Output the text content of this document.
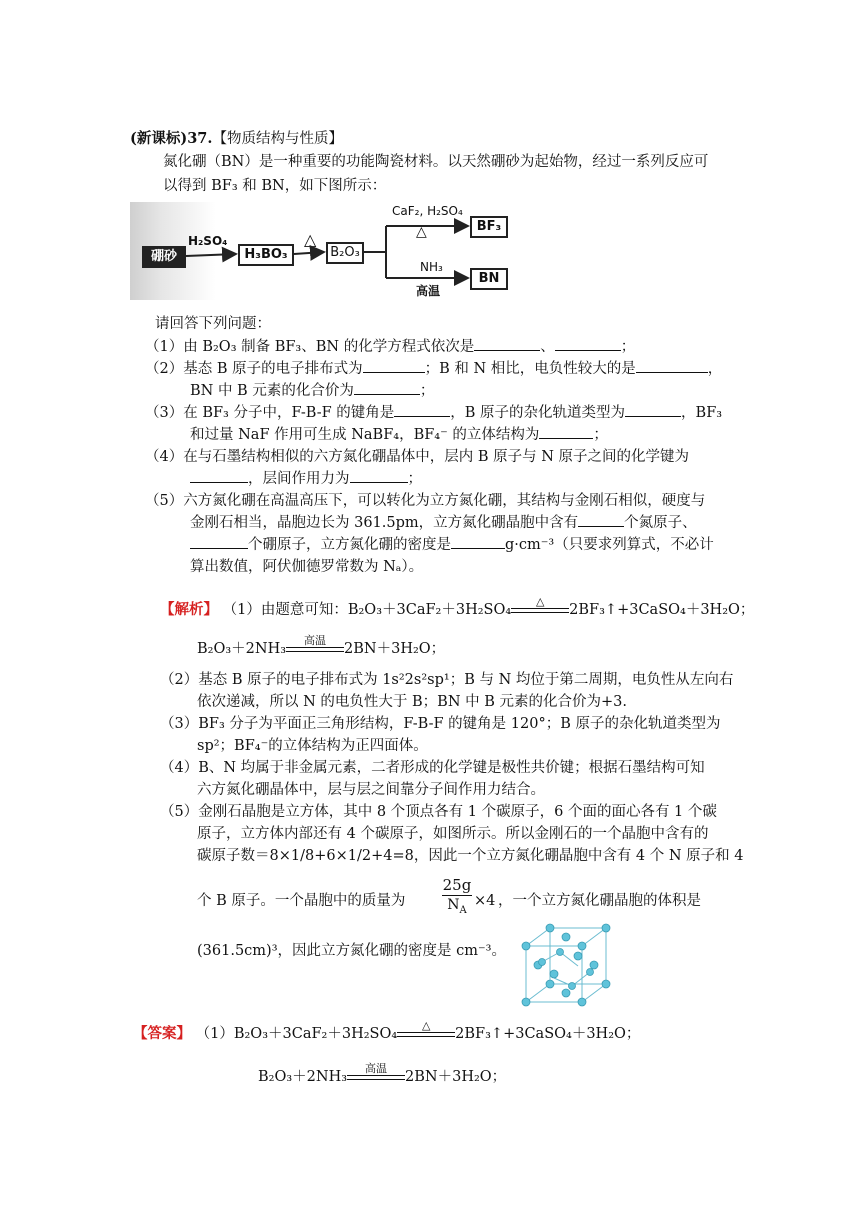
(新课标)37.【物质结构与性质】
氮化硼（BN）是一种重要的功能陶瓷材料。以天然硼砂为起始物，经过一系列反应可
以得到 BF₃ 和 BN，如下图所示：
硼砂
H₂SO₄
H₃BO₃
△
B₂O₃
CaF₂, H₂SO₄
△	BF₃
NH₃
高温
BN
请回答下列问题：
（1）由 B₂O₃ 制备 BF₃、BN 的化学方程式依次是	、	；
（2）基态 B 原子的电子排布式为	；B 和 N 相比，电负性较大的是	，
BN 中 B 元素的化合价为	；
（3）在 BF₃ 分子中，F-B-F 的键角是	，B 原子的杂化轨道类型为	，BF₃
和过量 NaF 作用可生成 NaBF₄，BF₄⁻ 的立体结构为	；
（4）在与石墨结构相似的六方氮化硼晶体中，层内 B 原子与 N 原子之间的化学键为
，层间作用力为	；
（5）六方氮化硼在高温高压下，可以转化为立方氮化硼，其结构与金刚石相似，硬度与
金刚石相当，晶胞边长为 361.5pm，立方氮化硼晶胞中含有	个氮原子、
个硼原子，立方氮化硼的密度是	g·cm⁻³（只要求列算式，不必计
算出数值，阿伏伽德罗常数为 Nₐ）。
【解析】 （1）由题意可知：B₂O₃＋3CaF₂＋3H₂SO₄
△
2BF₃↑+3CaSO₄＋3H₂O；
B₂O₃＋2NH₃
高温
2BN＋3H₂O；
（2）基态 B 原子的电子排布式为 1s²2s²sp¹；B 与 N 均位于第二周期，电负性从左向右
依次递减，所以 N 的电负性大于 B；BN 中 B 元素的化合价为+3.
（3）BF₃ 分子为平面正三角形结构，F-B-F 的键角是 120°；B 原子的杂化轨道类型为
sp²；BF₄⁻的立体结构为正四面体。
（4）B、N 均属于非金属元素，二者形成的化学键是极性共价键；根据石墨结构可知
六方氮化硼晶体中，层与层之间靠分子间作用力结合。
（5）金刚石晶胞是立方体，其中 8 个顶点各有 1 个碳原子，6 个面的面心各有 1 个碳
原子，立方体内部还有 4 个碳原子，如图所示。所以金刚石的一个晶胞中含有的
碳原子数＝8×1/8+6×1/2+4=8，因此一个立方氮化硼晶胞中含有 4 个 N 原子和 4
个 B 原子。一个晶胞中的质量为
25g
$N_A$
×4 ，一个立方氮化硼晶胞的体积是
(361.5cm)³，因此立方氮化硼的密度是 cm⁻³。
【答案】 （1）B₂O₃＋3CaF₂＋3H₂SO₄
△
2BF₃↑+3CaSO₄＋3H₂O；
B₂O₃＋2NH₃
高温
2BN＋3H₂O；
